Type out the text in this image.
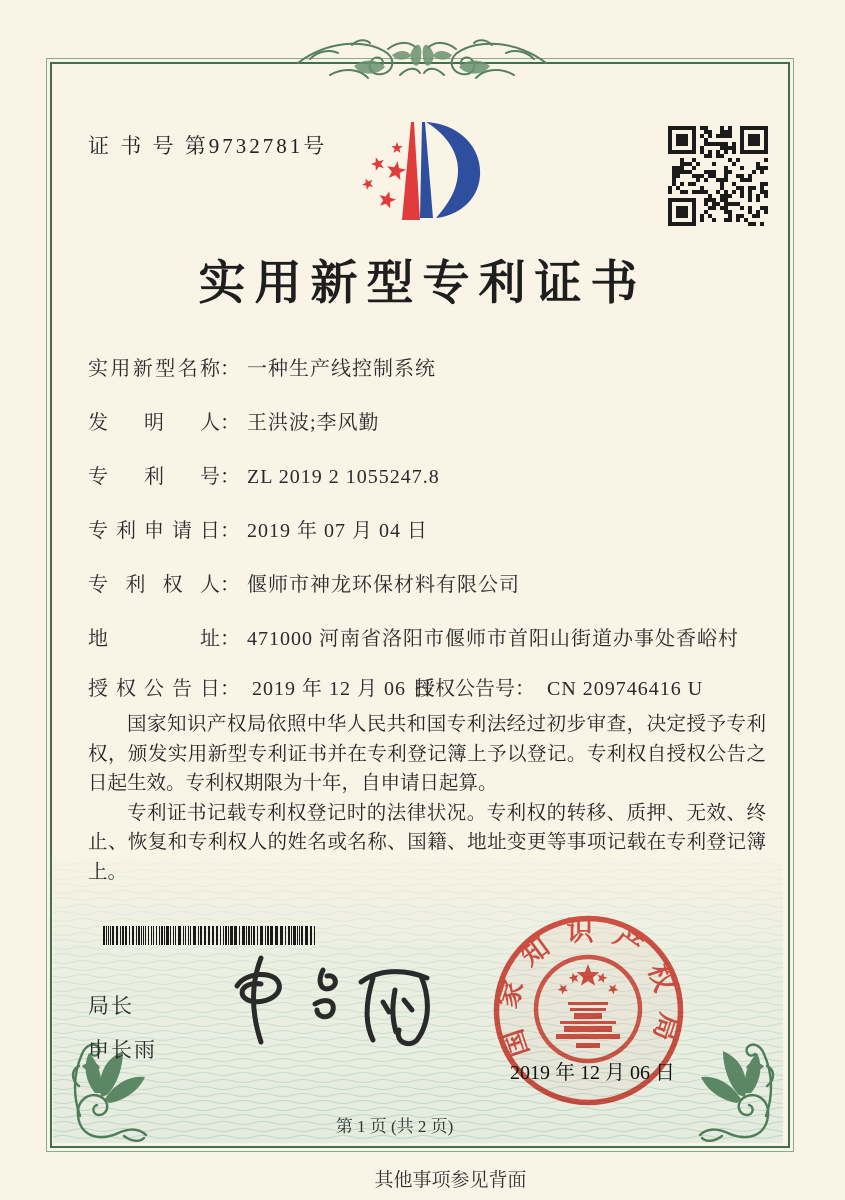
证 书 号 第9732781号
实用新型专利证书
实用新型名称 ： 一种生产线控制系统
发明人 ： 王洪波;李风勤
专利号 ： ZL 2019 2 1055247.8
专利申请日 ： 2019 年 07 月 04 日
专利权人 ： 偃师市神龙环保材料有限公司
地址 ： 471000 河南省洛阳市偃师市首阳山街道办事处香峪村
授权公告日： 2019 年 12 月 06 日
授权公告号： CN 209746416 U

国家知识产权局依照中华人民共和国专利法经过初步审查，决定授予专利权，颁发实用新型专利证书并在专利登记簿上予以登记。专利权自授权公告之日起生效。专利权期限为十年，自申请日起算。

专利证书记载专利权登记时的法律状况。专利权的转移、质押、无效、终止、恢复和专利权人的姓名或名称、国籍、地址变更等事项记载在专利登记簿上。

局长
申长雨	国家知识产权局
2019 年 12 月 06 日
第 1 页 (共 2 页)
其他事项参见背面
